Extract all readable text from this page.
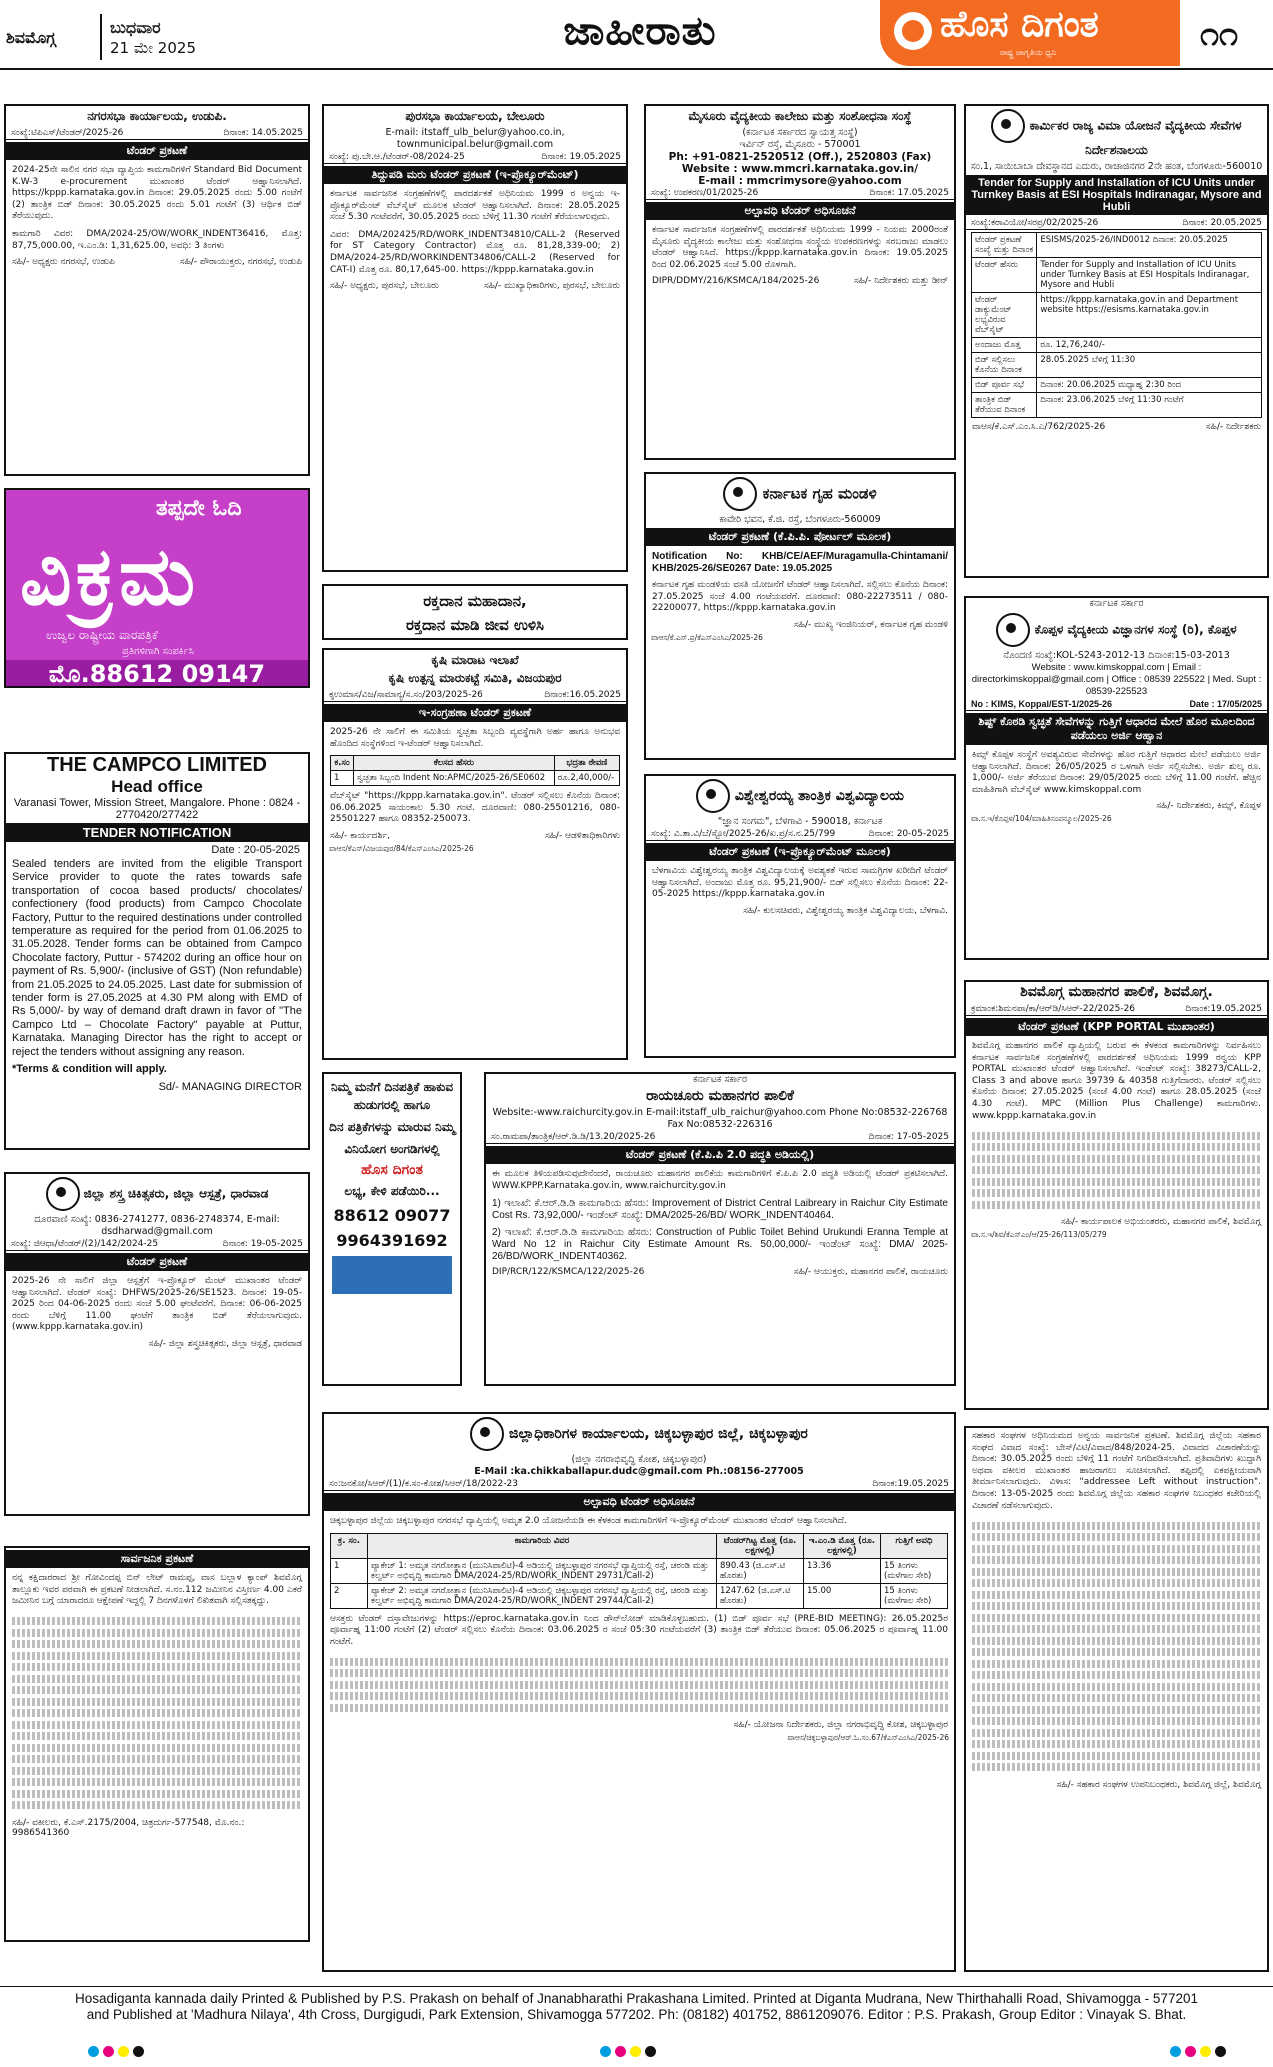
ಶಿವಮೊಗ್ಗ
ಬುಧವಾರ
21 ಮೇ 2025	ಜಾಹೀರಾತು	ಹೊಸ ದಿಗಂತ
ರಾಷ್ಟ್ರ ಜಾಗೃತಿಯ ಧ್ವನಿ	೧೧
ನಗರಸಭಾ ಕಾರ್ಯಾಲಯ, ಉಡುಪಿ.
ಸಂಖ್ಯೆ:ಟಿಪಿಎಸ್/ಟೆಂಡರ್/2025-26	ದಿನಾಂಕ: 14.05.2025
ಟೆಂಡರ್ ಪ್ರಕಟಣೆ
2024-25ನೇ ಸಾಲಿನ ನಗರ ಸಭಾ ವ್ಯಾಪ್ತಿಯ ಕಾಮಗಾರಿಗಳಿಗೆ Standard Bid Document K.W-3 e-procurement ಮುಖಾಂತರ ಟೆಂಡರ್ ಆಹ್ವಾನಿಸಲಾಗಿದೆ. https://kppp.karnataka.gov.in ದಿನಾಂಕ: 29.05.2025 ರಂದು 5.00 ಗಂಟೆಗೆ (2) ತಾಂತ್ರಿಕ ಬಿಡ್ ದಿನಾಂಕ: 30.05.2025 ರಂದು 5.01 ಗಂಟೆಗೆ (3) ಆರ್ಥಿಕ ಬಿಡ್ ತೆರೆಯುವುದು.
ಕಾಮಗಾರಿ ವಿವರ: DMA/2024-25/OW/WORK_INDENT36416, ಮೊತ್ತ: 87,75,000.00, ಇ.ಎಂ.ಡಿ: 1,31,625.00, ಅವಧಿ: 3 ತಿಂಗಳು
ಸಹಿ/- ಅಧ್ಯಕ್ಷರು ನಗರಸಭೆ, ಉಡುಪಿ	ಸಹಿ/- ಪೌರಾಯುಕ್ತರು, ನಗರಸಭೆ, ಉಡುಪಿ
ತಪ್ಪದೇ ಓದಿ
ವಿಕ್ರಮ
ಉಜ್ವಲ ರಾಷ್ಟ್ರೀಯ ವಾರಪತ್ರಿಕೆ
ಪ್ರತಿಗಳಿಗಾಗಿ ಸಂಪರ್ಕಿಸಿ
ಮೊ.88612 09147
THE CAMPCO LIMITED
Head office
Varanasi Tower, Mission Street, Mangalore. Phone : 0824 - 2770420/277422
TENDER NOTIFICATION
Date : 20-05-2025
Sealed tenders are invited from the eligible Transport Service provider to quote the rates towards safe transportation of cocoa based products/ chocolates/ confectionery (food products) from Campco Chocolate Factory, Puttur to the required destinations under controlled temperature as required for the period from 01.06.2025 to 31.05.2028. Tender forms can be obtained from Campco Chocolate factory, Puttur - 574202 during an office hour on payment of Rs. 5,900/- (inclusive of GST) (Non refundable) from 21.05.2025 to 24.05.2025. Last date for submission of tender form is 27.05.2025 at 4.30 PM along with EMD of Rs 5,000/- by way of demand draft drawn in favor of "The Campco Ltd – Chocolate Factory" payable at Puttur, Karnataka. Managing Director has the right to accept or reject the tenders without assigning any reason.
*Terms & condition will apply.
Sd/- MANAGING DIRECTOR
ಜಿಲ್ಲಾ ಶಸ್ತ್ರ ಚಿಕಿತ್ಸಕರು, ಜಿಲ್ಲಾ ಆಸ್ಪತ್ರೆ, ಧಾರವಾಡ
ದೂರವಾಣಿ ಸಂಖ್ಯೆ: 0836-2741277, 0836-2748374, E-mail: dsdharwad@gmail.com
ಸಂಖ್ಯೆ: ಜಿಆಧಾ/ಟೆಂಡರ್/(2)/142/2024-25	ದಿನಾಂಕ: 19-05-2025
ಟೆಂಡರ್ ಪ್ರಕಟಣೆ
2025-26 ನೇ ಸಾಲಿಗೆ ಜಿಲ್ಲಾ ಆಸ್ಪತ್ರೆಗೆ ಇ-ಪ್ರೊಕ್ಯೂರ್ ಮೆಂಟ್ ಮುಖಾಂತರ ಟೆಂಡರ್ ಆಹ್ವಾನಿಸಲಾಗಿದೆ. ಟೆಂಡರ್ ಸಂಖ್ಯೆ: DHFWS/2025-26/SE1523. ದಿನಾಂಕ: 19-05-2025 ರಿಂದ 04-06-2025 ರಂದು ಸಂಜೆ 5.00 ಘಂಟೆವರೆಗೆ. ದಿನಾಂಕ: 06-06-2025 ರಂದು ಬೆಳಿಗ್ಗೆ 11.00 ಘಂಟೆಗೆ ತಾಂತ್ರಿಕ ಬಿಡ್ ತೆರೆಯಲಾಗುವುದು. (www.kppp.karnataka.gov.in)
ಸಹಿ/- ಜಿಲ್ಲಾ ಶಸ್ತ್ರಚಿಕಿತ್ಸಕರು, ಜಿಲ್ಲಾ ಆಸ್ಪತ್ರೆ, ಧಾರವಾಡ
ಸಾರ್ವಜನಿಕ ಪ್ರಕಟಣೆ
ನನ್ನ ಕಕ್ಷಿದಾರರಾದ ಶ್ರೀ ಗೋವಿಂದಪ್ಪ ಬಿನ್ ಲೇಟ್ ರಾಮಪ್ಪ, ವಾಸ ಬಲ್ಲಾಳ ಕ್ಯಾಂಪ್ ಶಿವಮೊಗ್ಗ ತಾಲ್ಲೂಕು ಇವರ ಪರವಾಗಿ ಈ ಪ್ರಕಟಣೆ ನೀಡಲಾಗಿದೆ. ಸ.ನಂ.112 ಜಮೀನಿನ ವಿಸ್ತೀರ್ಣ 4.00 ಎಕರೆ ಜಮೀನಿನ ಬಗ್ಗೆ ಯಾರಾದರೂ ಆಕ್ಷೇಪಣೆ ಇದ್ದಲ್ಲಿ 7 ದಿನಗಳೊಳಗೆ ಲಿಖಿತವಾಗಿ ಸಲ್ಲಿಸತಕ್ಕದ್ದು.
ಸಹಿ/- ವಕೀಲರು, ಕೆ.ಎಸ್.2175/2004, ಚಿತ್ರದುರ್ಗ-577548, ಮೊ.ನಂ.: 9986541360
ಪುರಸಭಾ ಕಾರ್ಯಾಲಯ, ಬೇಲೂರು
E-mail: itstaff_ulb_belur@yahoo.co.in, townmunicipal.belur@gmail.com
ಸಂಖ್ಯೆ: ಪು.ಬೇ.ಆ./ಟೆಂಡರ್-08/2024-25	ದಿನಾಂಕ: 19.05.2025
ತಿದ್ದುಪಡಿ ಮರು ಟೆಂಡರ್ ಪ್ರಕಟಣೆ (ಇ-ಪ್ರೊಕ್ಯೂರ್‌ಮೆಂಟ್)
ಕರ್ನಾಟಕ ಸಾರ್ವಜನಿಕ ಸಂಗ್ರಹಣೆಗಳಲ್ಲಿ ಪಾರದರ್ಶಕತೆ ಅಧಿನಿಯಮ 1999 ರ ಅನ್ವಯ ಇ-ಪ್ರೊಕ್ಯೂರ್‌ಮೆಂಟ್ ವೆಬ್‌ಸೈಟ್ ಮೂಲಕ ಟೆಂಡರ್ ಆಹ್ವಾನಿಸಲಾಗಿದೆ. ದಿನಾಂಕ: 28.05.2025 ಸಂಜೆ 5.30 ಗಂಟೆವರೆಗೆ, 30.05.2025 ರಂದು ಬೆಳಿಗ್ಗೆ 11.30 ಗಂಟೆಗೆ ತೆರೆಯಲಾಗುವುದು.
ವಿವರ: DMA/202425/RD/WORK_INDENT34810/CALL-2 (Reserved for ST Category Contractor) ಮೊತ್ತ ರೂ. 81,28,339-00; 2) DMA/2024-25/RD/WORKINDENT34806/CALL-2 (Reserved for CAT-I) ಮೊತ್ತ ರೂ. 80,17,645-00. https://kppp.karnataka.gov.in
ಸಹಿ/- ಅಧ್ಯಕ್ಷರು, ಪುರಸಭೆ, ಬೇಲೂರು	ಸಹಿ/- ಮುಖ್ಯಾಧಿಕಾರಿಗಳು, ಪುರಸಭೆ, ಬೇಲೂರು
ರಕ್ತದಾನ ಮಹಾದಾನ,
ರಕ್ತದಾನ ಮಾಡಿ ಜೀವ ಉಳಿಸಿ
ಕೃಷಿ ಮಾರಾಟ ಇಲಾಖೆ
ಕೃಷಿ ಉತ್ಪನ್ನ ಮಾರುಕಟ್ಟೆ ಸಮಿತಿ, ವಿಜಯಪುರ
ಕೃಉಮಾಸ/ವಿಜ/ಸಾಮಾನ್ಯ/ಸ.ಸಂ/203/2025-26	ದಿನಾಂಕ:16.05.2025
ಇ-ಸಂಗ್ರಹಣಾ ಟೆಂಡರ್ ಪ್ರಕಟಣೆ
2025-26 ನೇ ಸಾಲಿಗೆ ಈ ಸಮಿತಿಯ ಸ್ವಚ್ಛತಾ ಸಿಬ್ಬಂದಿ ವ್ಯವಸ್ಥೆಗಾಗಿ ಅರ್ಹ ಹಾಗೂ ಅನುಭವ ಹೊಂದಿದ ಸಂಸ್ಥೆಗಳಿಂದ ಇ-ಟೆಂಡರ್ ಆಹ್ವಾನಿಸಲಾಗಿದೆ.
ಕ.ಸಂ	ಕೆಲಸದ ಹೆಸರು	ಭದ್ರತಾ ಠೇವಣಿ
1	ಸ್ವಚ್ಛತಾ ಸಿಬ್ಬಂದಿ Indent No:APMC/2025-26/SE0602	ರೂ.2,40,000/-
ವೆಬ್‌ಸೈಟ್ "https://kppp.karnataka.gov.in". ಟೆಂಡರ್ ಸಲ್ಲಿಸಲು ಕೊನೆಯ ದಿನಾಂಕ: 06.06.2025 ಸಾಯಂಕಾಲ 5.30 ಗಂಟೆ. ದೂರವಾಣಿ: 080-25501216, 080-25501227 ಹಾಗೂ 08352-250073.
ಸಹಿ/- ಕಾರ್ಯದರ್ಶಿ,	ಸಹಿ/- ಆಡಳಿತಾಧಿಕಾರಿಗಳು
ವಾಆಸ/ಕೆಎಸ್/ವಿಜಯಪುರ/84/ಕೆಎಸ್‌ಎಂಸಿಎ/2025-26
ನಿಮ್ಮ ಮನೆಗೆ ದಿನಪತ್ರಿಕೆ ಹಾಕುವ ಹುಡುಗರಲ್ಲಿ ಹಾಗೂ
ದಿನ ಪತ್ರಿಕೆಗಳನ್ನು ಮಾರುವ ನಿಮ್ಮ
ವಿನಿಯೋಗ ಅಂಗಡಿಗಳಲ್ಲಿ
ಹೊಸ ದಿಗಂತ
ಲಭ್ಯ, ಕೇಳಿ ಪಡೆಯಿರಿ...
88612 09077
9964391692
ಕರ್ನಾಟಕ ಸರ್ಕಾರ
ರಾಯಚೂರು ಮಹಾನಗರ ಪಾಲಿಕೆ
Website:-www.raichurcity.gov.in E-mail:itstaff_ulb_raichur@yahoo.com Phone No:08532-226768 Fax No:08532-226316
ಸಂ.ರಾಮಪಾ/ತಾಂತ್ರಿಕ/ಆರ್.ಡಿ.ಡಿ/13.20/2025-26	ದಿನಾಂಕ: 17-05-2025
ಟೆಂಡರ್ ಪ್ರಕಟಣೆ (ಕೆ.ಪಿ.ಪಿ 2.0 ಪದ್ಧತಿ ಅಡಿಯಲ್ಲಿ)
ಈ ಮೂಲಕ ತಿಳಿಯಪಡಿಸುವುದೇನೆಂದರೆ, ರಾಯಚೂರು ಮಹಾನಗರ ಪಾಲಿಕೆಯ ಕಾಮಗಾರಿಗಳಿಗೆ ಕೆ.ಪಿ.ಪಿ 2.0 ಪದ್ಧತಿ ಅಡಿಯಲ್ಲಿ ಟೆಂಡರ್ ಪ್ರಕಟಿಸಲಾಗಿದೆ. WWW.KPPP.Karnataka.gov.in, www.raichurcity.gov.in
1) ಇಲಾಖೆ: ಕೆ.ಆರ್.ಡಿ.ಡಿ ಕಾಮಗಾರಿಯ ಹೆಸರು: Improvement of District Central Laibreary in Raichur City Estimate Cost Rs. 73,92,000/- ಇಂಡೆಂಟ್ ಸಂಖ್ಯೆ: DMA/2025-26/BD/ WORK_INDENT40464.
2) ಇಲಾಖೆ: ಕೆ.ಆರ್.ಡಿ.ಡಿ ಕಾಮಗಾರಿಯ ಹೆಸರು: Construction of Public Toilet Behind Urukundi Eranna Temple at Ward No 12 in Raichur City Estimate Amount Rs. 50,00,000/- ಇಂಡೆಂಟ್ ಸಂಖ್ಯೆ: DMA/ 2025-26/BD/WORK_INDENT40362.
DIP/RCR/122/KSMCA/122/2025-26	ಸಹಿ/- ಆಯುಕ್ತರು, ಮಹಾನಗರ ಪಾಲಿಕೆ, ರಾಯಚೂರು
ಮೈಸೂರು ವೈದ್ಯಕೀಯ ಕಾಲೇಜು ಮತ್ತು ಸಂಶೋಧನಾ ಸಂಸ್ಥೆ
(ಕರ್ನಾಟಕ ಸರ್ಕಾರದ ಸ್ವಾಯತ್ತ ಸಂಸ್ಥೆ)
ಇರ್ವಿನ್ ರಸ್ತೆ, ಮೈಸೂರು - 570001
Ph: +91-0821-2520512 (Off.), 2520803 (Fax)
Website : www.mmcri.karnataka.gov.in/
E-mail : mmcrimysore@yahoo.com
ಸಂಖ್ಯೆ: ಉಪಕರಣ/01/2025-26	ದಿನಾಂಕ: 17.05.2025
ಅಲ್ಪಾವಧಿ ಟೆಂಡರ್ ಅಧಿಸೂಚನೆ
ಕರ್ನಾಟಕ ಸಾರ್ವಜನಿಕ ಸಂಗ್ರಹಣೆಗಳಲ್ಲಿ ಪಾರದರ್ಶಕತೆ ಅಧಿನಿಯಮ 1999 - ನಿಯಮ 2000ರಂತೆ ಮೈಸೂರು ವೈದ್ಯಕೀಯ ಕಾಲೇಜು ಮತ್ತು ಸಂಶೋಧನಾ ಸಂಸ್ಥೆಯ ಉಪಕರಣಗಳನ್ನು ಸರಬರಾಜು ಮಾಡಲು ಟೆಂಡರ್ ಆಹ್ವಾನಿಸಿದೆ. https://kppp.karnataka.gov.in ದಿನಾಂಕ: 19.05.2025 ರಿಂದ 02.06.2025 ಸಂಜೆ 5.00 ರೊಳಗಾಗಿ.
DIPR/DDMY/216/KSMCA/184/2025-26	ಸಹಿ/- ನಿರ್ದೇಶಕರು ಮತ್ತು ಡೀನ್
ಕರ್ನಾಟಕ ಗೃಹ ಮಂಡಳಿ
ಕಾವೇರಿ ಭವನ, ಕೆ.ಜಿ. ರಸ್ತೆ, ಬೆಂಗಳೂರು-560009
ಟೆಂಡರ್ ಪ್ರಕಟಣೆ (ಕೆ.ಪಿ.ಪಿ. ಪೋರ್ಟಲ್ ಮೂಲಕ)
Notification No: KHB/CE/AEF/Muragamulla-Chintamani/ KHB/2025-26/SE0267 Date: 19.05.2025
ಕರ್ನಾಟಕ ಗೃಹ ಮಂಡಳಿಯ ವಸತಿ ಯೋಜನೆಗೆ ಟೆಂಡರ್ ಆಹ್ವಾನಿಸಲಾಗಿದೆ. ಸಲ್ಲಿಸಲು ಕೊನೆಯ ದಿನಾಂಕ: 27.05.2025 ಸಂಜೆ 4.00 ಗಂಟೆಯವರೆಗೆ. ದೂರವಾಣಿ: 080-22273511 / 080-22200077, https://kppp.karnataka.gov.in
ಸಹಿ/- ಮುಖ್ಯ ಇಂಜಿನಿಯರ್, ಕರ್ನಾಟಕ ಗೃಹ ಮಂಡಳಿ
ವಾಆಸ/ಕೆ.ಎಸ್.ಪ್ರ/ಕೆಎಸ್‌ಎಂಸಿಎ/2025-26
ವಿಶ್ವೇಶ್ವರಯ್ಯ ತಾಂತ್ರಿಕ ವಿಶ್ವವಿದ್ಯಾಲಯ
"ಜ್ಞಾನ ಸಂಗಮ", ಬೆಳಗಾವಿ - 590018, ಕರ್ನಾಟಕ
ಸಂಖ್ಯೆ: ವಿ.ತಾ.ವಿ/ಬೆ/ಸ್ಟೋ/2025-26/ಖ.ಪ್ರ/ಸ.ನ.25/799	ದಿನಾಂಕ: 20-05-2025
ಟೆಂಡರ್ ಪ್ರಕಟಣೆ (ಇ-ಪ್ರೊಕ್ಯೂರ್‌ಮೆಂಟ್ ಮೂಲಕ)
ಬೆಳಗಾವಿಯ ವಿಶ್ವೇಶ್ವರಯ್ಯ ತಾಂತ್ರಿಕ ವಿಶ್ವವಿದ್ಯಾಲಯಕ್ಕೆ ಅವಶ್ಯಕತೆ ಇರುವ ಸಾಮಗ್ರಿಗಳ ಖರೀದಿಗೆ ಟೆಂಡರ್ ಆಹ್ವಾನಿಸಲಾಗಿದೆ. ಅಂದಾಜು ಮೊತ್ತ ರೂ. 95,21,900/- ಬಿಡ್ ಸಲ್ಲಿಸಲು ಕೊನೆಯ ದಿನಾಂಕ: 22-05-2025 https://kppp.karnataka.gov.in
ಸಹಿ/- ಕುಲಸಚಿವರು, ವಿಶ್ವೇಶ್ವರಯ್ಯ ತಾಂತ್ರಿಕ ವಿಶ್ವವಿದ್ಯಾಲಯ, ಬೆಳಗಾವಿ.
ಜಿಲ್ಲಾಧಿಕಾರಿಗಳ ಕಾರ್ಯಾಲಯ, ಚಿಕ್ಕಬಳ್ಳಾಪುರ ಜಿಲ್ಲೆ, ಚಿಕ್ಕಬಳ್ಳಾಪುರ
(ಜಿಲ್ಲಾ ನಗರಾಭಿವೃದ್ಧಿ ಕೋಶ, ಚಿಕ್ಕಬಳ್ಳಾಪುರ)
E-Mail :ka.chikkaballapur.dudc@gmail.com Ph.:08156-277005
ಸಂ:ಜನಕೋ/ಸಿಆರ್/(1)/ಕ.ಸಂ-ಕೋಶ/ಸಿಆರ್/18/2022-23	ದಿನಾಂಕ:19.05.2025
ಅಲ್ಪಾವಧಿ ಟೆಂಡರ್ ಅಧಿಸೂಚನೆ
ಚಿಕ್ಕಬಳ್ಳಾಪುರ ಜಿಲ್ಲೆಯ ಚಿಕ್ಕಬಳ್ಳಾಪುರ ನಗರಸಭೆ ವ್ಯಾಪ್ತಿಯಲ್ಲಿ ಅಮೃತ 2.0 ಯೋಜನೆಯಡಿ ಈ ಕೆಳಕಂಡ ಕಾಮಗಾರಿಗಳಿಗೆ ಇ-ಪ್ರೊಕ್ಯೂರ್‌ಮೆಂಟ್ ಮುಖಾಂತರ ಟೆಂಡರ್ ಆಹ್ವಾನಿಸಲಾಗಿದೆ.
ಕ್ರ. ಸಂ.	ಕಾಮಗಾರಿಯ ವಿವರ	ಟೆಂಡರ್‌ಗಿಟ್ಟ ಮೊತ್ತ (ರೂ. ಲಕ್ಷಗಳಲ್ಲಿ)	ಇ.ಎಂ.ಡಿ ಮೊತ್ತ (ರೂ. ಲಕ್ಷಗಳಲ್ಲಿ)	ಗುತ್ತಿಗೆ ಅವಧಿ
1	ಪ್ಯಾಕೇಜ್ 1: ಅಮೃತ ನಗರೋತ್ಥಾನ (ಮುನಿಸಿಪಾಲಿಟಿ)-4 ಅಡಿಯಲ್ಲಿ ಚಿಕ್ಕಬಳ್ಳಾಪುರ ನಗರಸಭೆ ವ್ಯಾಪ್ತಿಯಲ್ಲಿ ರಸ್ತೆ, ಚರಂಡಿ ಮತ್ತು ಕಲ್ವರ್ಟ್ ಅಭಿವೃದ್ಧಿ ಕಾಮಗಾರಿ DMA/2024-25/RD/WORK_INDENT 29731/Call-2)	890.43 (ಜಿ.ಎಸ್.ಟಿ ಹೊರತು)	13.36	15 ತಿಂಗಳು (ಮಳೆಗಾಲ ಸೇರಿ)
2	ಪ್ಯಾಕೇಜ್ 2: ಅಮೃತ ನಗರೋತ್ಥಾನ (ಮುನಿಸಿಪಾಲಿಟಿ)-4 ಅಡಿಯಲ್ಲಿ ಚಿಕ್ಕಬಳ್ಳಾಪುರ ನಗರಸಭೆ ವ್ಯಾಪ್ತಿಯಲ್ಲಿ ರಸ್ತೆ, ಚರಂಡಿ ಮತ್ತು ಕಲ್ವರ್ಟ್ ಅಭಿವೃದ್ಧಿ ಕಾಮಗಾರಿ DMA/2024-25/RD/WORK_INDENT 29744/Call-2)	1247.62 (ಜಿ.ಎಸ್.ಟಿ ಹೊರತು)	15.00	15 ತಿಂಗಳು (ಮಳೆಗಾಲ ಸೇರಿ)
ಆಸಕ್ತರು ಟೆಂಡರ್ ದಸ್ತಾವೇಜುಗಳನ್ನು https://eproc.karnataka.gov.in ನಿಂದ ಡೌನ್‌ಲೋಡ್ ಮಾಡಿಕೊಳ್ಳಬಹುದು. (1) ಬಿಡ್ ಪೂರ್ವ ಸಭೆ (PRE-BID MEETING): 26.05.2025ರ ಪೂರ್ವಾಹ್ನ 11:00 ಗಂಟೆಗೆ (2) ಟೆಂಡರ್ ಸಲ್ಲಿಸಲು ಕೊನೆಯ ದಿನಾಂಕ: 03.06.2025 ರ ಸಂಜೆ 05:30 ಗಂಟೆಯವರೆಗೆ (3) ತಾಂತ್ರಿಕ ಬಿಡ್ ತೆರೆಯುವ ದಿನಾಂಕ: 05.06.2025 ರ ಪೂರ್ವಾಹ್ನ 11.00 ಗಂಟೆಗೆ.
ಸಹಿ/- ಯೋಜನಾ ನಿರ್ದೇಶಕರು, ಜಿಲ್ಲಾ ನಗರಾಭಿವೃದ್ಧಿ ಕೋಶ, ಚಿಕ್ಕಬಳ್ಳಾಪುರ
ವಾಆಸ/ಚಿಕ್ಕಬಳ್ಳಾಪುರ/ಆರ್.ಓ.ಸಂ.67/ಕೆಎಸ್‌ಎಂಸಿಎ/2025-26
ಕಾರ್ಮಿಕರ ರಾಜ್ಯ ವಿಮಾ ಯೋಜನೆ ವೈದ್ಯಕೀಯ ಸೇವೆಗಳ ನಿರ್ದೇಶನಾಲಯ
ಸಂ.1, ಸಾಯಿಬಾಬಾ ದೇವಸ್ಥಾನದ ಎದುರು, ರಾಜಾಜಿನಗರ 2ನೇ ಹಂತ, ಬೆಂಗಳೂರು-560010
Tender for Supply and Installation of ICU Units under Turnkey Basis at ESI Hospitals Indiranagar, Mysore and Hubli
ಸಂಖ್ಯೆ:ಕರಾವಿಯೋ/ಸರಪ್ರ/02/2025-26	ದಿನಾಂಕ: 20.05.2025
ಟೆಂಡರ್ ಪ್ರಕಟಣೆ ಸಂಖ್ಯೆ ಮತ್ತು ದಿನಾಂಕ	ESISMS/2025-26/IND0012 ದಿನಾಂಕ: 20.05.2025
ಟೆಂಡರ್ ಹೆಸರು	Tender for Supply and Installation of ICU Units under Turnkey Basis at ESI Hospitals Indiranagar, Mysore and Hubli
ಟೆಂಡರ್ ಡಾಕ್ಯುಮೆಂಟ್ ಲಭ್ಯವಿರುವ ವೆಬ್‌ಸೈಟ್	https://kppp.karnataka.gov.in and Department website https://esisms.karnataka.gov.in
ಅಂದಾಜು ಮೊತ್ತ	ರೂ. 12,76,240/-
ಬಿಡ್ ಸಲ್ಲಿಸಲು ಕೊನೆಯ ದಿನಾಂಕ	28.05.2025 ಬೆಳಿಗ್ಗೆ 11:30
ಬಿಡ್ ಪೂರ್ವ ಸಭೆ	ದಿನಾಂಕ: 20.06.2025 ಮಧ್ಯಾಹ್ನ 2:30 ರಿಂದ
ತಾಂತ್ರಿಕ ಬಿಡ್ ತೆರೆಯುವ ದಿನಾಂಕ	ದಿನಾಂಕ: 23.06.2025 ಬೆಳಿಗ್ಗೆ 11:30 ಗಂಟೆಗೆ
ವಾಆಸ/ಕೆ.ಎಸ್.ಎಂ.ಸಿ.ಎ/762/2025-26	ಸಹಿ/- ನಿರ್ದೇಶಕರು
ಕರ್ನಾಟಕ ಸರ್ಕಾರ
ಕೊಪ್ಪಳ ವೈದ್ಯಕೀಯ ವಿಜ್ಞಾನಗಳ ಸಂಸ್ಥೆ (ರಿ), ಕೊಪ್ಪಳ
ನೊಂದಣಿ ಸಂಖ್ಯೆ:KOL-S243-2012-13 ದಿನಾಂಕ:15-03-2013
Website : www.kimskoppal.com | Email : directorkimskoppal@gmail.com | Office : 08539 225522 | Med. Supt : 08539-225523
No : KIMS, Koppal/EST-1/2025-26	Date : 17/05/2025
ಶಿಷ್ಟ್ ಕೊಠಡಿ ಸ್ವಚ್ಛತೆ ಸೇವೆಗಳನ್ನು ಗುತ್ತಿಗೆ ಆಧಾರದ ಮೇಲೆ ಹೊರ ಮೂಲದಿಂದ ಪಡೆಯಲು ಅರ್ಜಿ ಆಹ್ವಾನ
ಕಿಮ್ಸ್ ಕೊಪ್ಪಳ ಸಂಸ್ಥೆಗೆ ಅವಶ್ಯವಿರುವ ಸೇವೆಗಳನ್ನು ಹೊರ ಗುತ್ತಿಗೆ ಆಧಾರದ ಮೇಲೆ ಪಡೆಯಲು ಅರ್ಜಿ ಆಹ್ವಾನಿಸಲಾಗಿದೆ. ದಿನಾಂಕ: 26/05/2025 ರ ಒಳಗಾಗಿ ಅರ್ಜಿ ಸಲ್ಲಿಸಬೇಕು. ಅರ್ಜಿ ಶುಲ್ಕ ರೂ. 1,000/- ಅರ್ಜಿ ತೆರೆಯುವ ದಿನಾಂಕ: 29/05/2025 ರಂದು ಬೆಳಿಗ್ಗೆ 11.00 ಗಂಟೆಗೆ. ಹೆಚ್ಚಿನ ಮಾಹಿತಿಗಾಗಿ ವೆಬ್‌ಸೈಟ್ www.kimskoppal.com
ಸಹಿ/- ನಿರ್ದೇಶಕರು, ಕಿಮ್ಸ್, ಕೊಪ್ಪಳ
ವಾ.ಸ.ಇ/ಕೊಪ್ಪಳ/104/ಮಾಹಿತಿಸಂಪನ್ಮೂಲ/2025-26
ಶಿವಮೊಗ್ಗ ಮಹಾನಗರ ಪಾಲಿಕೆ, ಶಿವಮೊಗ್ಗ.
ಕ್ರಮಾಂಕ:ಶಿಮನಪಾ/ಕಾ/ಆರ್‌ಡಿ/ಸಿಆರ್-22/2025-26	ದಿನಾಂಕ:19.05.2025
ಟೆಂಡರ್ ಪ್ರಕಟಣೆ (KPP PORTAL ಮುಖಾಂತರ)
ಶಿವಮೊಗ್ಗ ಮಹಾನಗರ ಪಾಲಿಕೆ ವ್ಯಾಪ್ತಿಯಲ್ಲಿ ಬರುವ ಈ ಕೆಳಕಂಡ ಕಾಮಗಾರಿಗಳನ್ನು ನಿರ್ವಹಿಸಲು ಕರ್ನಾಟಕ ಸಾರ್ವಜನಿಕ ಸಂಗ್ರಹಣೆಗಳಲ್ಲಿ ಪಾರದರ್ಶಕತೆ ಅಧಿನಿಯಮ 1999 ರನ್ವಯ KPP PORTAL ಮುಖಾಂತರ ಟೆಂಡರ್ ಆಹ್ವಾನಿಸಲಾಗಿದೆ. ಇಂಡೆಂಟ್ ಸಂಖ್ಯೆ: 38273/CALL-2, Class 3 and above ಹಾಗೂ 39739 & 40358 ಗುತ್ತಿಗೆದಾರರು. ಟೆಂಡರ್ ಸಲ್ಲಿಸಲು ಕೊನೆಯ ದಿನಾಂಕ: 27.05.2025 (ಸಂಜೆ 4.00 ಗಂಟೆ) ಹಾಗೂ 28.05.2025 (ಸಂಜೆ 4.30 ಗಂಟೆ). MPC (Million Plus Challenge) ಕಾಮಗಾರಿಗಳು. www.kppp.karnataka.gov.in
ಸಹಿ/- ಕಾರ್ಯಪಾಲಕ ಅಭಿಯಂತರರು, ಮಹಾನಗರ ಪಾಲಿಕೆ, ಶಿವಮೊಗ್ಗ
ವಾ.ಸ.ಇ/ಶಿವ/ಕೆಎಸ್‌ಎಂ/ಆ/25-26/113/05/279
ಸಹಕಾರ ಸಂಘಗಳ ಅಧಿನಿಯಮದ ಅನ್ವಯ ಸಾರ್ವಜನಿಕ ಪ್ರಕಟಣೆ. ಶಿವಮೊಗ್ಗ ಜಿಲ್ಲೆಯ ಸಹಕಾರ ಸಂಘದ ವಿವಾದ ಸಂಖ್ಯೆ: ಬೇಸ್/ವಿಟಿ/ವಿವಾದ/848/2024-25. ವಿವಾದದ ವಿಚಾರಣೆಯನ್ನು ದಿನಾಂಕ: 30.05.2025 ರಂದು ಬೆಳಿಗ್ಗೆ 11 ಗಂಟೆಗೆ ನಿಗದಿಪಡಿಸಲಾಗಿದೆ. ಪ್ರತಿವಾದಿಗಳು ಖುದ್ದಾಗಿ ಅಥವಾ ವಕೀಲರ ಮುಖಾಂತರ ಹಾಜರಾಗಲು ಸೂಚಿಸಲಾಗಿದೆ. ತಪ್ಪಿದಲ್ಲಿ ಏಕಪಕ್ಷೀಯವಾಗಿ ತೀರ್ಮಾನಿಸಲಾಗುವುದು. ವಿಳಾಸ: "addressee Left without instruction". ದಿನಾಂಕ: 13-05-2025 ರಂದು ಶಿವಮೊಗ್ಗ ಜಿಲ್ಲೆಯ ಸಹಕಾರ ಸಂಘಗಳ ನಿಬಂಧಕರ ಕಚೇರಿಯಲ್ಲಿ ವಿಚಾರಣೆ ನಡೆಸಲಾಗುವುದು.
ಸಹಿ/- ಸಹಕಾರ ಸಂಘಗಳ ಉಪನಿಬಂಧಕರು, ಶಿವಮೊಗ್ಗ ಜಿಲ್ಲೆ, ಶಿವಮೊಗ್ಗ
Hosadiganta kannada daily Printed & Published by P.S. Prakash on behalf of Jnanabharathi Prakashana Limited. Printed at Diganta Mudrana, New Thirthahalli Road, Shivamogga - 577201
and Published at 'Madhura Nilaya', 4th Cross, Durgigudi, Park Extension, Shivamogga 577202. Ph: (08182) 401752, 8861209076. Editor : P.S. Prakash, Group Editor : Vinayak S. Bhat.
